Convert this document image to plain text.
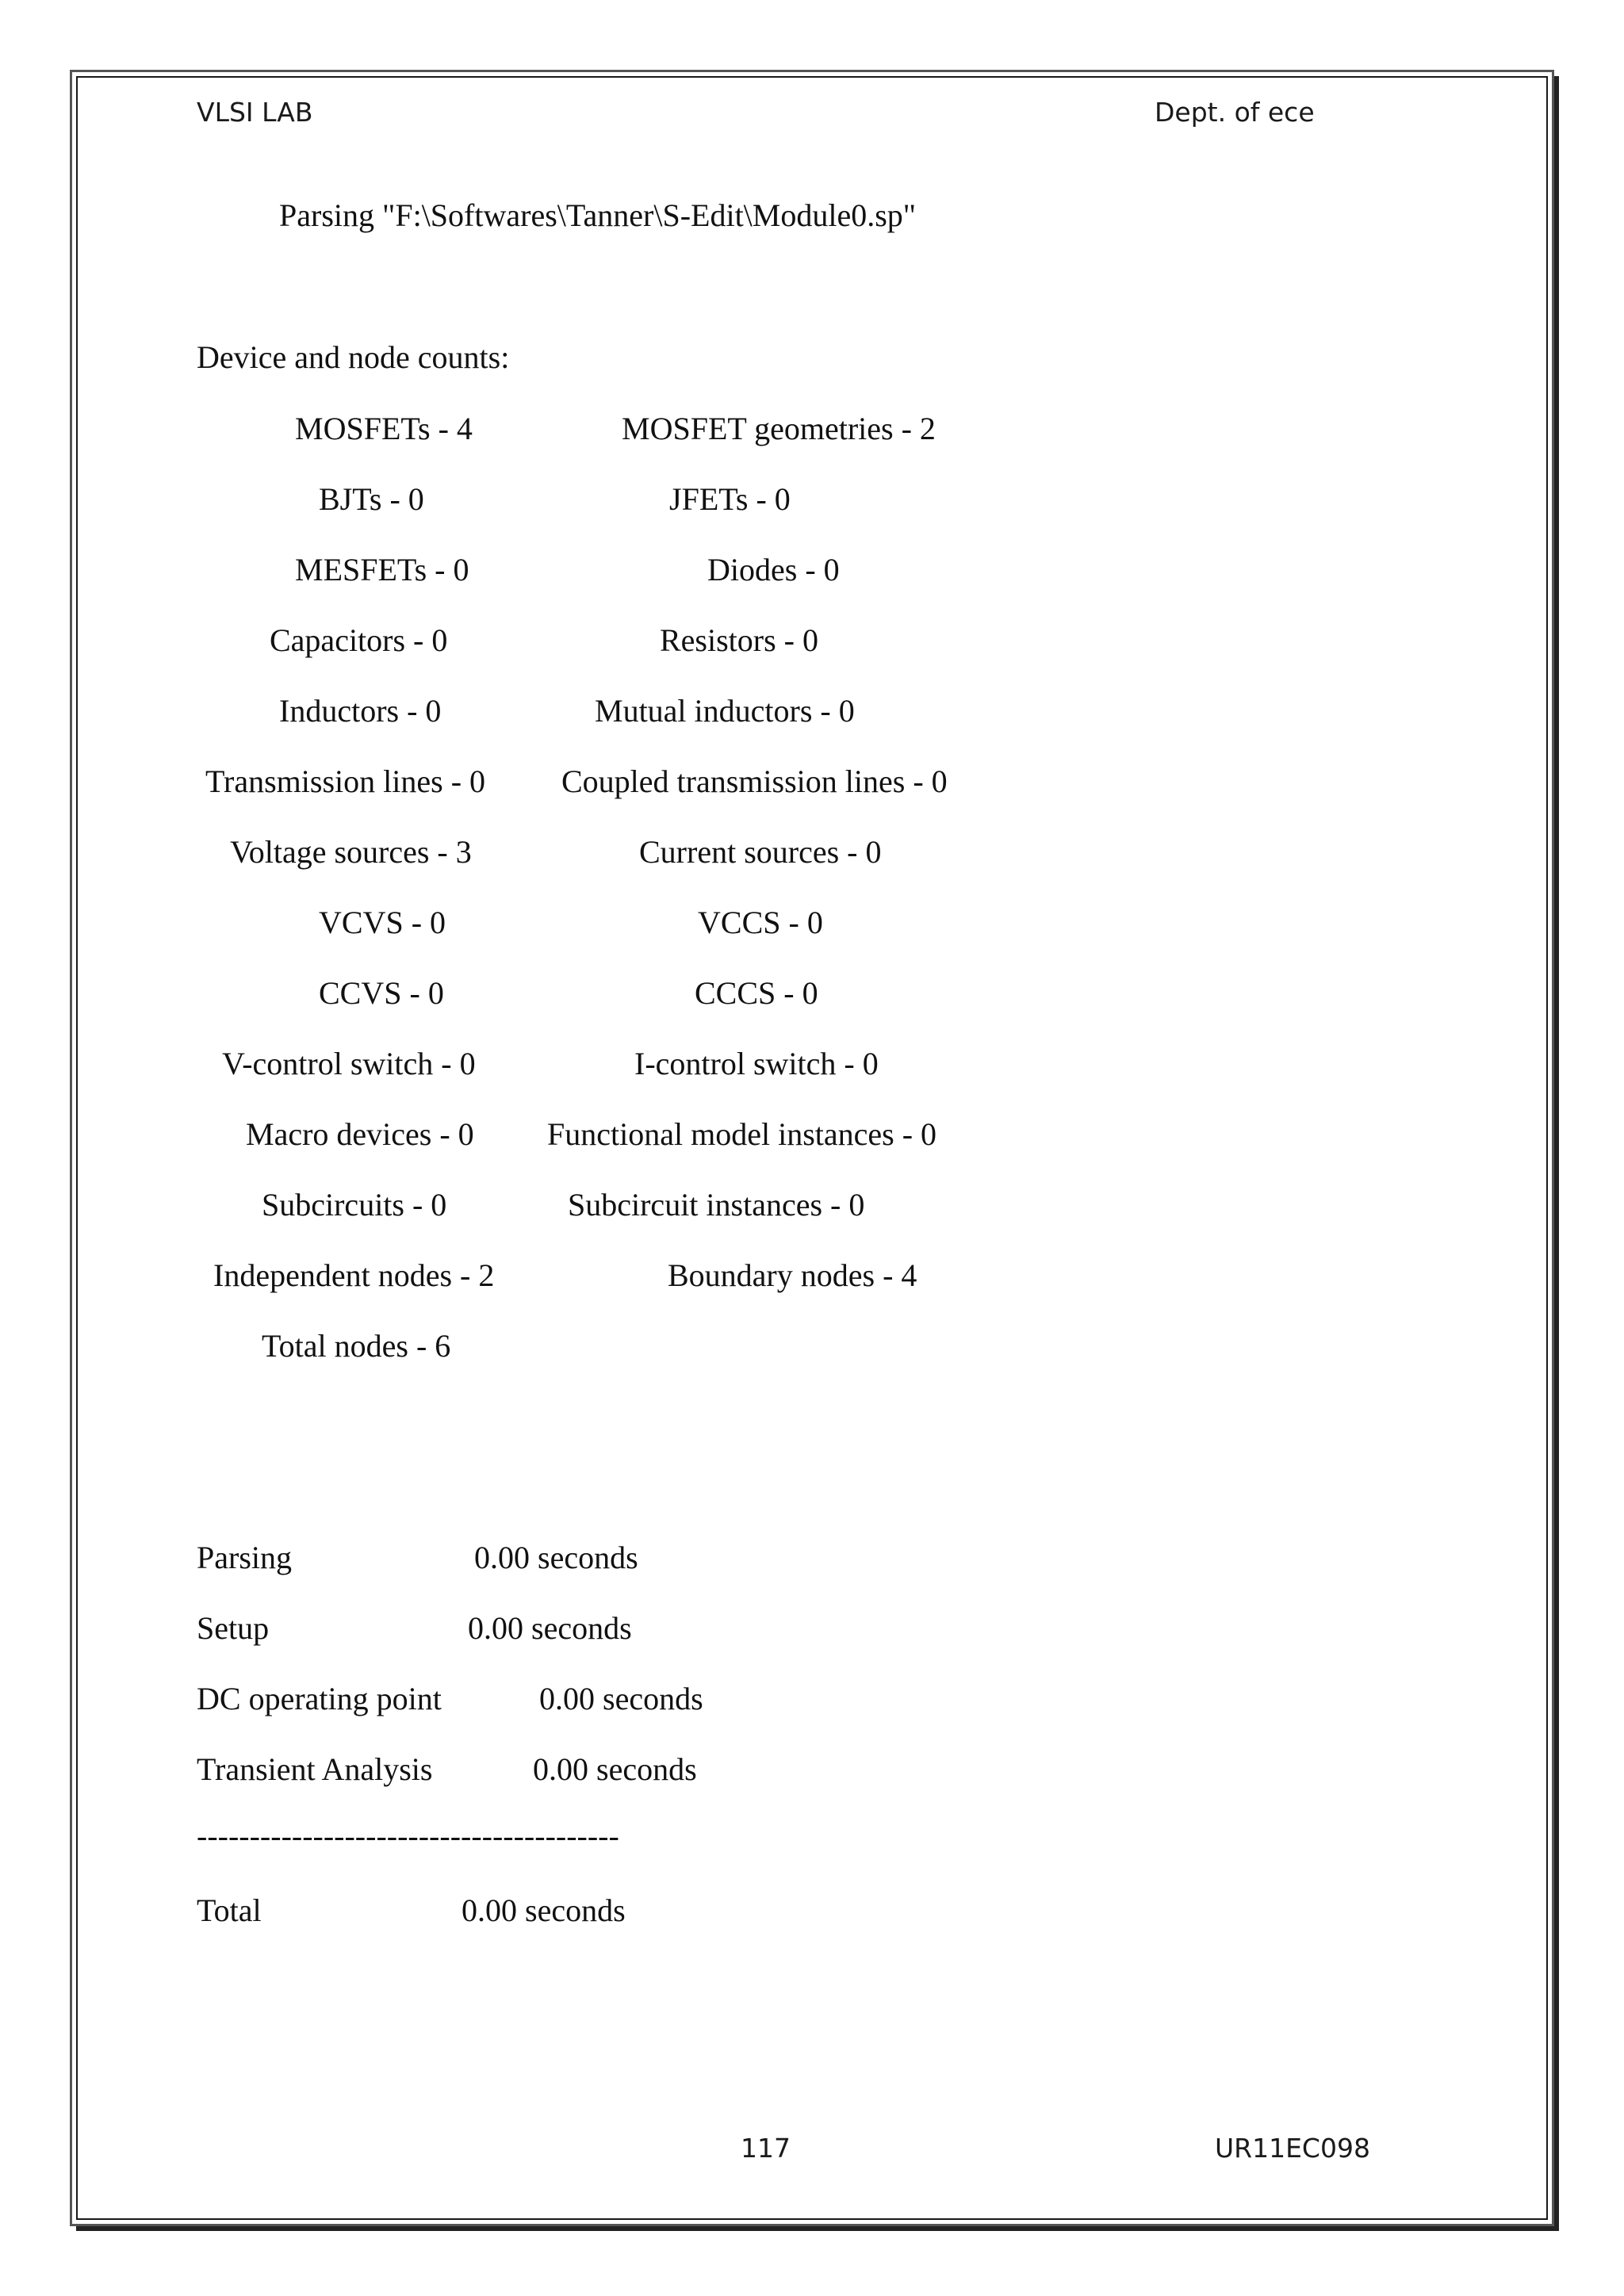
VLSI LAB	Dept. of ece
Parsing "F:\Softwares\Tanner\S-Edit\Module0.sp"
Device and node counts:
MOSFETs - 4	MOSFET geometries - 2
BJTs - 0	JFETs - 0
MESFETs - 0	Diodes - 0
Capacitors - 0	Resistors - 0
Inductors - 0	Mutual inductors - 0
Transmission lines - 0 Coupled transmission lines - 0
Voltage sources - 3	Current sources - 0
VCVS - 0	VCCS - 0
CCVS - 0	CCCS - 0
V-control switch - 0	I-control switch - 0
Macro devices - 0 Functional model instances - 0
Subcircuits - 0	Subcircuit instances - 0
Independent nodes - 2	Boundary nodes - 4
Total nodes - 6
Parsing	0.00 seconds
Setup	0.00 seconds
DC operating point	0.00 seconds
Transient Analysis	0.00 seconds
----------------------------------------
Total	0.00 seconds
117	UR11EC098
